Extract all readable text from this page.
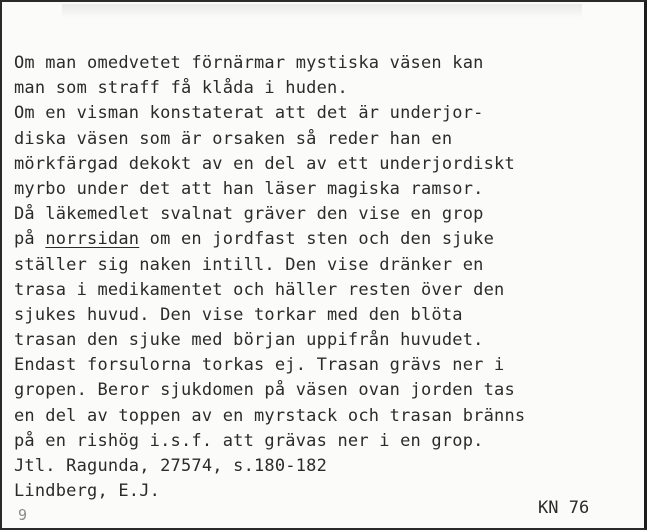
Om man omedvetet förnärmar mystiska väsen kan
man som straff få klåda i huden.
Om en visman konstaterat att det är underjor-
diska väsen som är orsaken så reder han en
mörkfärgad dekokt av en del av ett underjordiskt
myrbo under det att han läser magiska ramsor.
Då läkemedlet svalnat gräver den vise en grop
på norrsidan om en jordfast sten och den sjuke
ställer sig naken intill. Den vise dränker en
trasa i medikamentet och häller resten över den
sjukes huvud. Den vise torkar med den blöta
trasan den sjuke med början uppifrån huvudet.
Endast forsulorna torkas ej. Trasan grävs ner i
gropen. Beror sjukdomen på väsen ovan jorden tas
en del av toppen av en myrstack och trasan bränns
på en rishög i.s.f. att grävas ner i en grop.
Jtl. Ragunda, 27574, s.180-182
Lindberg, E.J.
9	KN 76
